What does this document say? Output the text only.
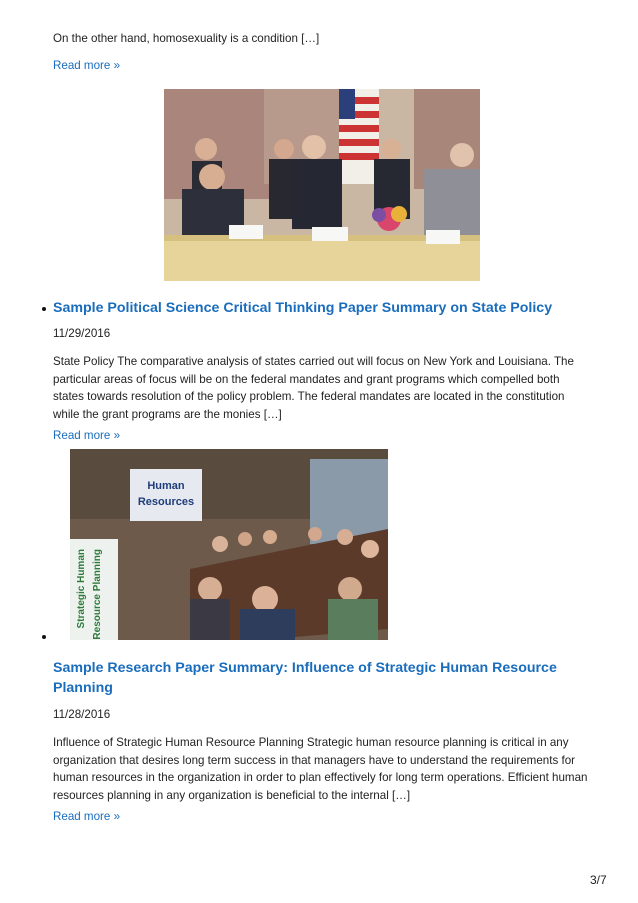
On the other hand, homosexuality is a condition […]
Read more »
Sample Political Science Critical Thinking Paper Summary on State Policy
11/29/2016
State Policy The comparative analysis of states carried out will focus on New York and Louisiana. The particular areas of focus will be on the federal mandates and grant programs which compelled both states towards resolution of the policy problem. The federal mandates are located in the constitution while the grant programs are the monies […]
Read more »
Human
Resources
Strategic Human Resource Planning
Sample Research Paper Summary: Influence of Strategic Human Resource Planning
11/28/2016
Influence of Strategic Human Resource Planning Strategic human resource planning is critical in any organization that desires long term success in that managers have to understand the requirements for human resources in the organization in order to plan effectively for long term operations. Efficient human resources planning in any organization is beneficial to the internal […]
Read more »
3/7
